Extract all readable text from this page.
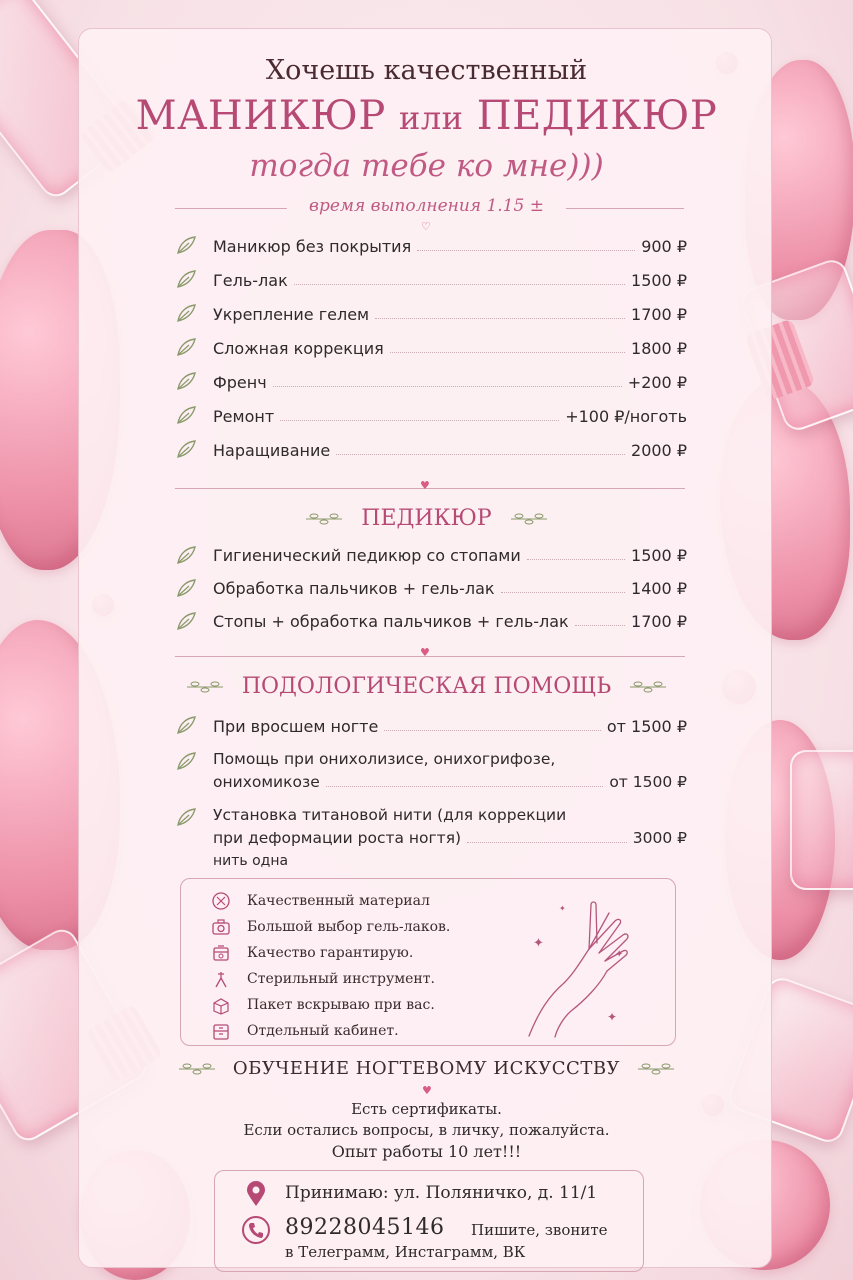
Хочешь качественный
МАНИКЮР или ПЕДИКЮР
тогда тебе ко мне)))
время выполнения 1.15 ±
♡
Маникюр без покрытия	900 ₽
Гель-лак	1500 ₽
Укрепление гелем	1700 ₽
Сложная коррекция	1800 ₽
Френч	+200 ₽
Ремонт	+100 ₽/ноготь
Наращивание	2000 ₽
♥
ПЕДИКЮР
Гигиенический педикюр со стопами	1500 ₽
Обработка пальчиков + гель-лак	1400 ₽
Стопы + обработка пальчиков + гель-лак	1700 ₽
♥
ПОДОЛОГИЧЕСКАЯ ПОМОЩЬ
При вросшем ногте	от 1500 ₽
Помощь при онихолизисе, онихогрифозе,
онихомикозе	от 1500 ₽
Установка титановой нити (для коррекции
при деформации роста ногтя)	3000 ₽
нить одна
Качественный материал
Большой выбор гель-лаков.
Качество гарантирую.
Стерильный инструмент.
Пакет вскрываю при вас.
Отдельный кабинет.
✦
✦
✦
✦
ОБУЧЕНИЕ НОГТЕВОМУ ИСКУССТВУ
♥
Есть сертификаты.
Если остались вопросы, в личку, пожалуйста.
Опыт работы 10 лет!!!
Принимаю: ул. Поляничко, д. 11/1
89228045146 Пишите, звоните
в Телеграмм, Инстаграмм, ВК
